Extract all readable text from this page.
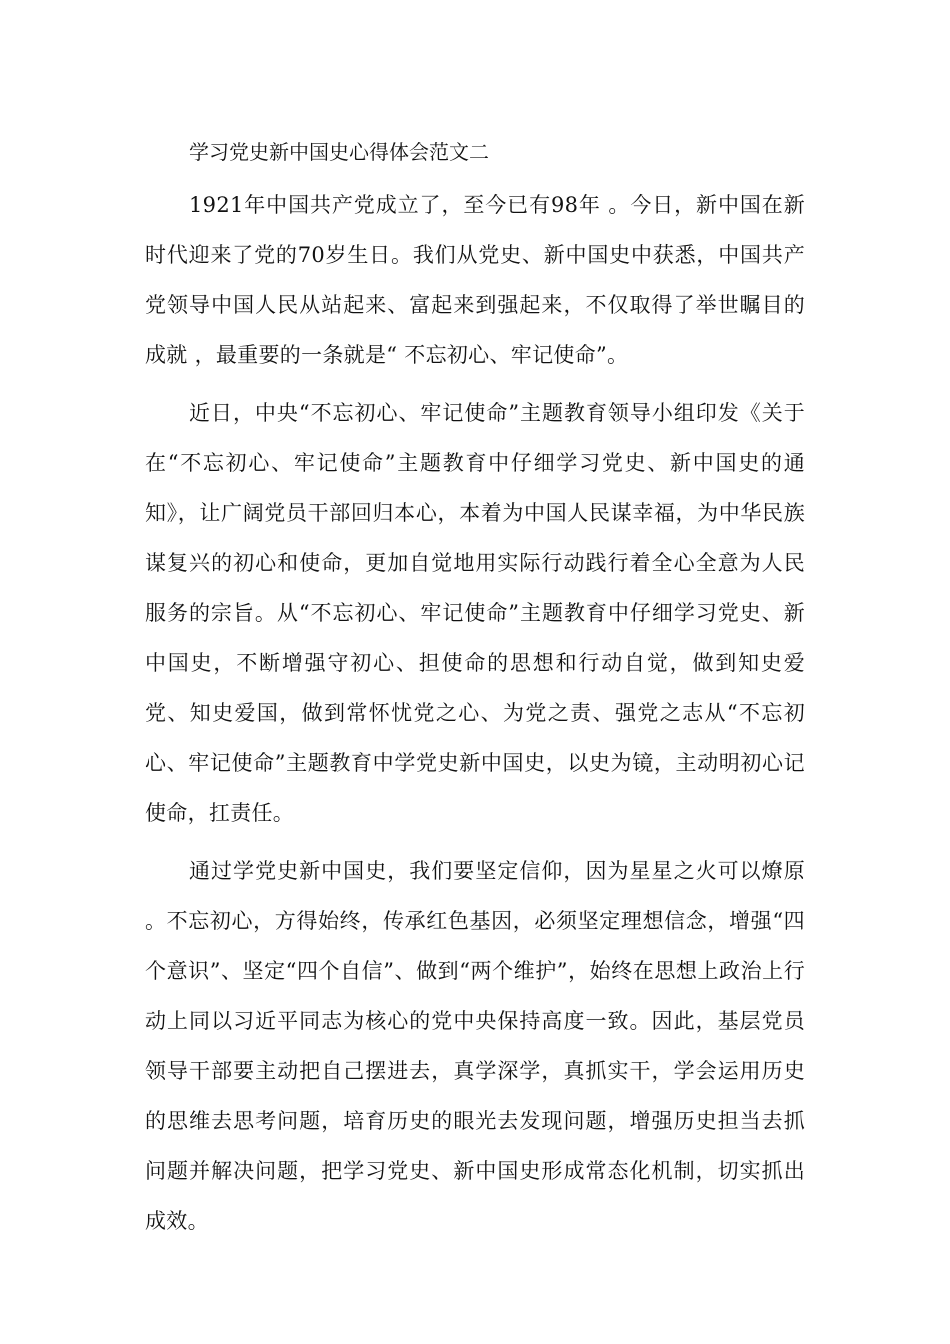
学习党史新中国史心得体会范文二

1921年中国共产党成立了，至今已有98年 。今日，新中国在新时代迎来了党的70岁生日。我们从党史、新中国史中获悉，中国共产党领导中国人民从站起来、富起来到强起来，不仅取得了举世瞩目的成就 ，最重要的一条就是“ 不忘初心、牢记使命”。

近日，中央“不忘初心、牢记使命”主题教育领导小组印发《关于在“不忘初心、牢记使命”主题教育中仔细学习党史、新中国史的通知》，让广阔党员干部回归本心，本着为中国人民谋幸福，为中华民族谋复兴的初心和使命，更加自觉地用实际行动践行着全心全意为人民服务的宗旨。从“不忘初心、牢记使命”主题教育中仔细学习党史、新中国史，不断增强守初心、担使命的思想和行动自觉，做到知史爱党、知史爱国，做到常怀忧党之心、为党之责、强党之志从“不忘初心、牢记使命”主题教育中学党史新中国史，以史为镜，主动明初心记使命，扛责任。

通过学党史新中国史，我们要坚定信仰，因为星星之火可以燎原 。不忘初心，方得始终，传承红色基因，必须坚定理想信念，增强“四个意识”、坚定“四个自信”、做到“两个维护”，始终在思想上政治上行动上同以习近平同志为核心的党中央保持高度一致。因此，基层党员领导干部要主动把自己摆进去，真学深学，真抓实干，学会运用历史的思维去思考问题，培育历史的眼光去发现问题，增强历史担当去抓问题并解决问题，把学习党史、新中国史形成常态化机制，切实抓出成效。
